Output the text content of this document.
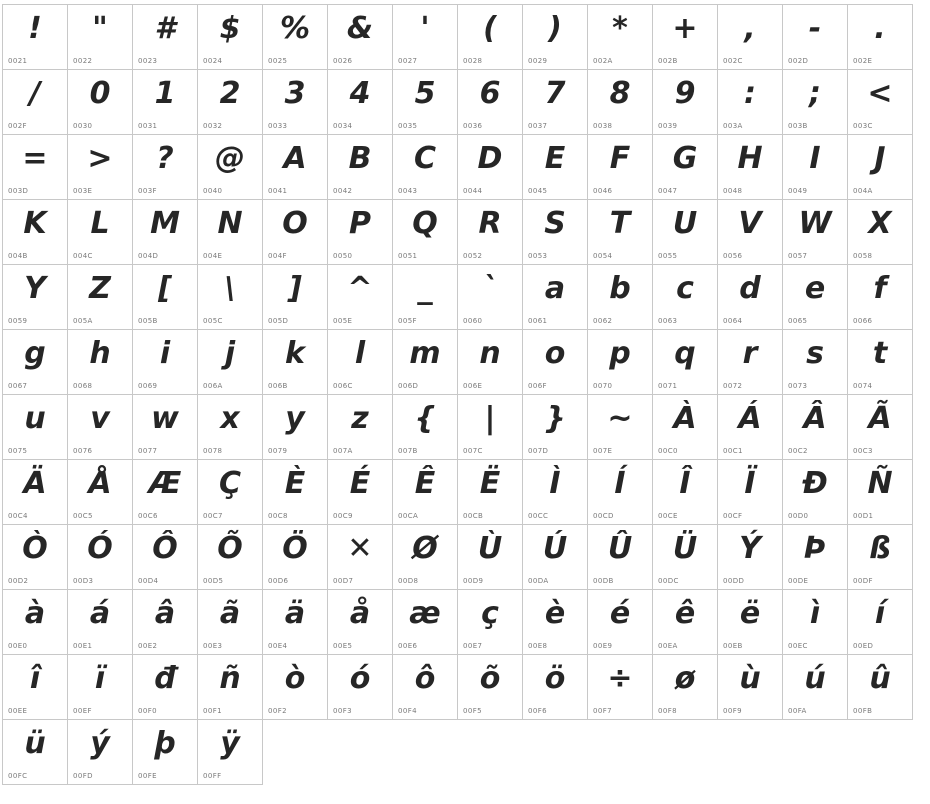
!
0021
"
0022
#
0023
$
0024
%
0025
&
0026
'
0027
(
0028
)
0029
*
002A
+
002B
,
002C
-
002D
.
002E
/
002F
0
0030
1
0031
2
0032
3
0033
4
0034
5
0035
6
0036
7
0037
8
0038
9
0039
:
003A
;
003B
<
003C
=
003D
>
003E
?
003F
@
0040
A
0041
B
0042
C
0043
D
0044
E
0045
F
0046
G
0047
H
0048
I
0049
J
004A
K
004B
L
004C
M
004D
N
004E
O
004F
P
0050
Q
0051
R
0052
S
0053
T
0054
U
0055
V
0056
W
0057
X
0058
Y
0059
Z
005A
[
005B
\
005C
]
005D
^
005E
_
005F
`
0060
a
0061
b
0062
c
0063
d
0064
e
0065
f
0066
g
0067
h
0068
i
0069
j
006A
k
006B
l
006C
m
006D
n
006E
o
006F
p
0070
q
0071
r
0072
s
0073
t
0074
u
0075
v
0076
w
0077
x
0078
y
0079
z
007A
{
007B
|
007C
}
007D
~
007E
À
00C0
Á
00C1
Â
00C2
Ã
00C3
Ä
00C4
Å
00C5
Æ
00C6
Ç
00C7
È
00C8
É
00C9
Ê
00CA
Ë
00CB
Ì
00CC
Í
00CD
Î
00CE
Ï
00CF
Ð
00D0
Ñ
00D1
Ò
00D2
Ó
00D3
Ô
00D4
Õ
00D5
Ö
00D6
✕
00D7
Ø
00D8
Ù
00D9
Ú
00DA
Û
00DB
Ü
00DC
Ý
00DD
Þ
00DE
ß
00DF
à
00E0
á
00E1
â
00E2
ã
00E3
ä
00E4
å
00E5
æ
00E6
ç
00E7
è
00E8
é
00E9
ê
00EA
ë
00EB
ì
00EC
í
00ED
î
00EE
ï
00EF
đ
00F0
ñ
00F1
ò
00F2
ó
00F3
ô
00F4
õ
00F5
ö
00F6
÷
00F7
ø
00F8
ù
00F9
ú
00FA
û
00FB
ü
00FC
ý
00FD
þ
00FE
ÿ
00FF
